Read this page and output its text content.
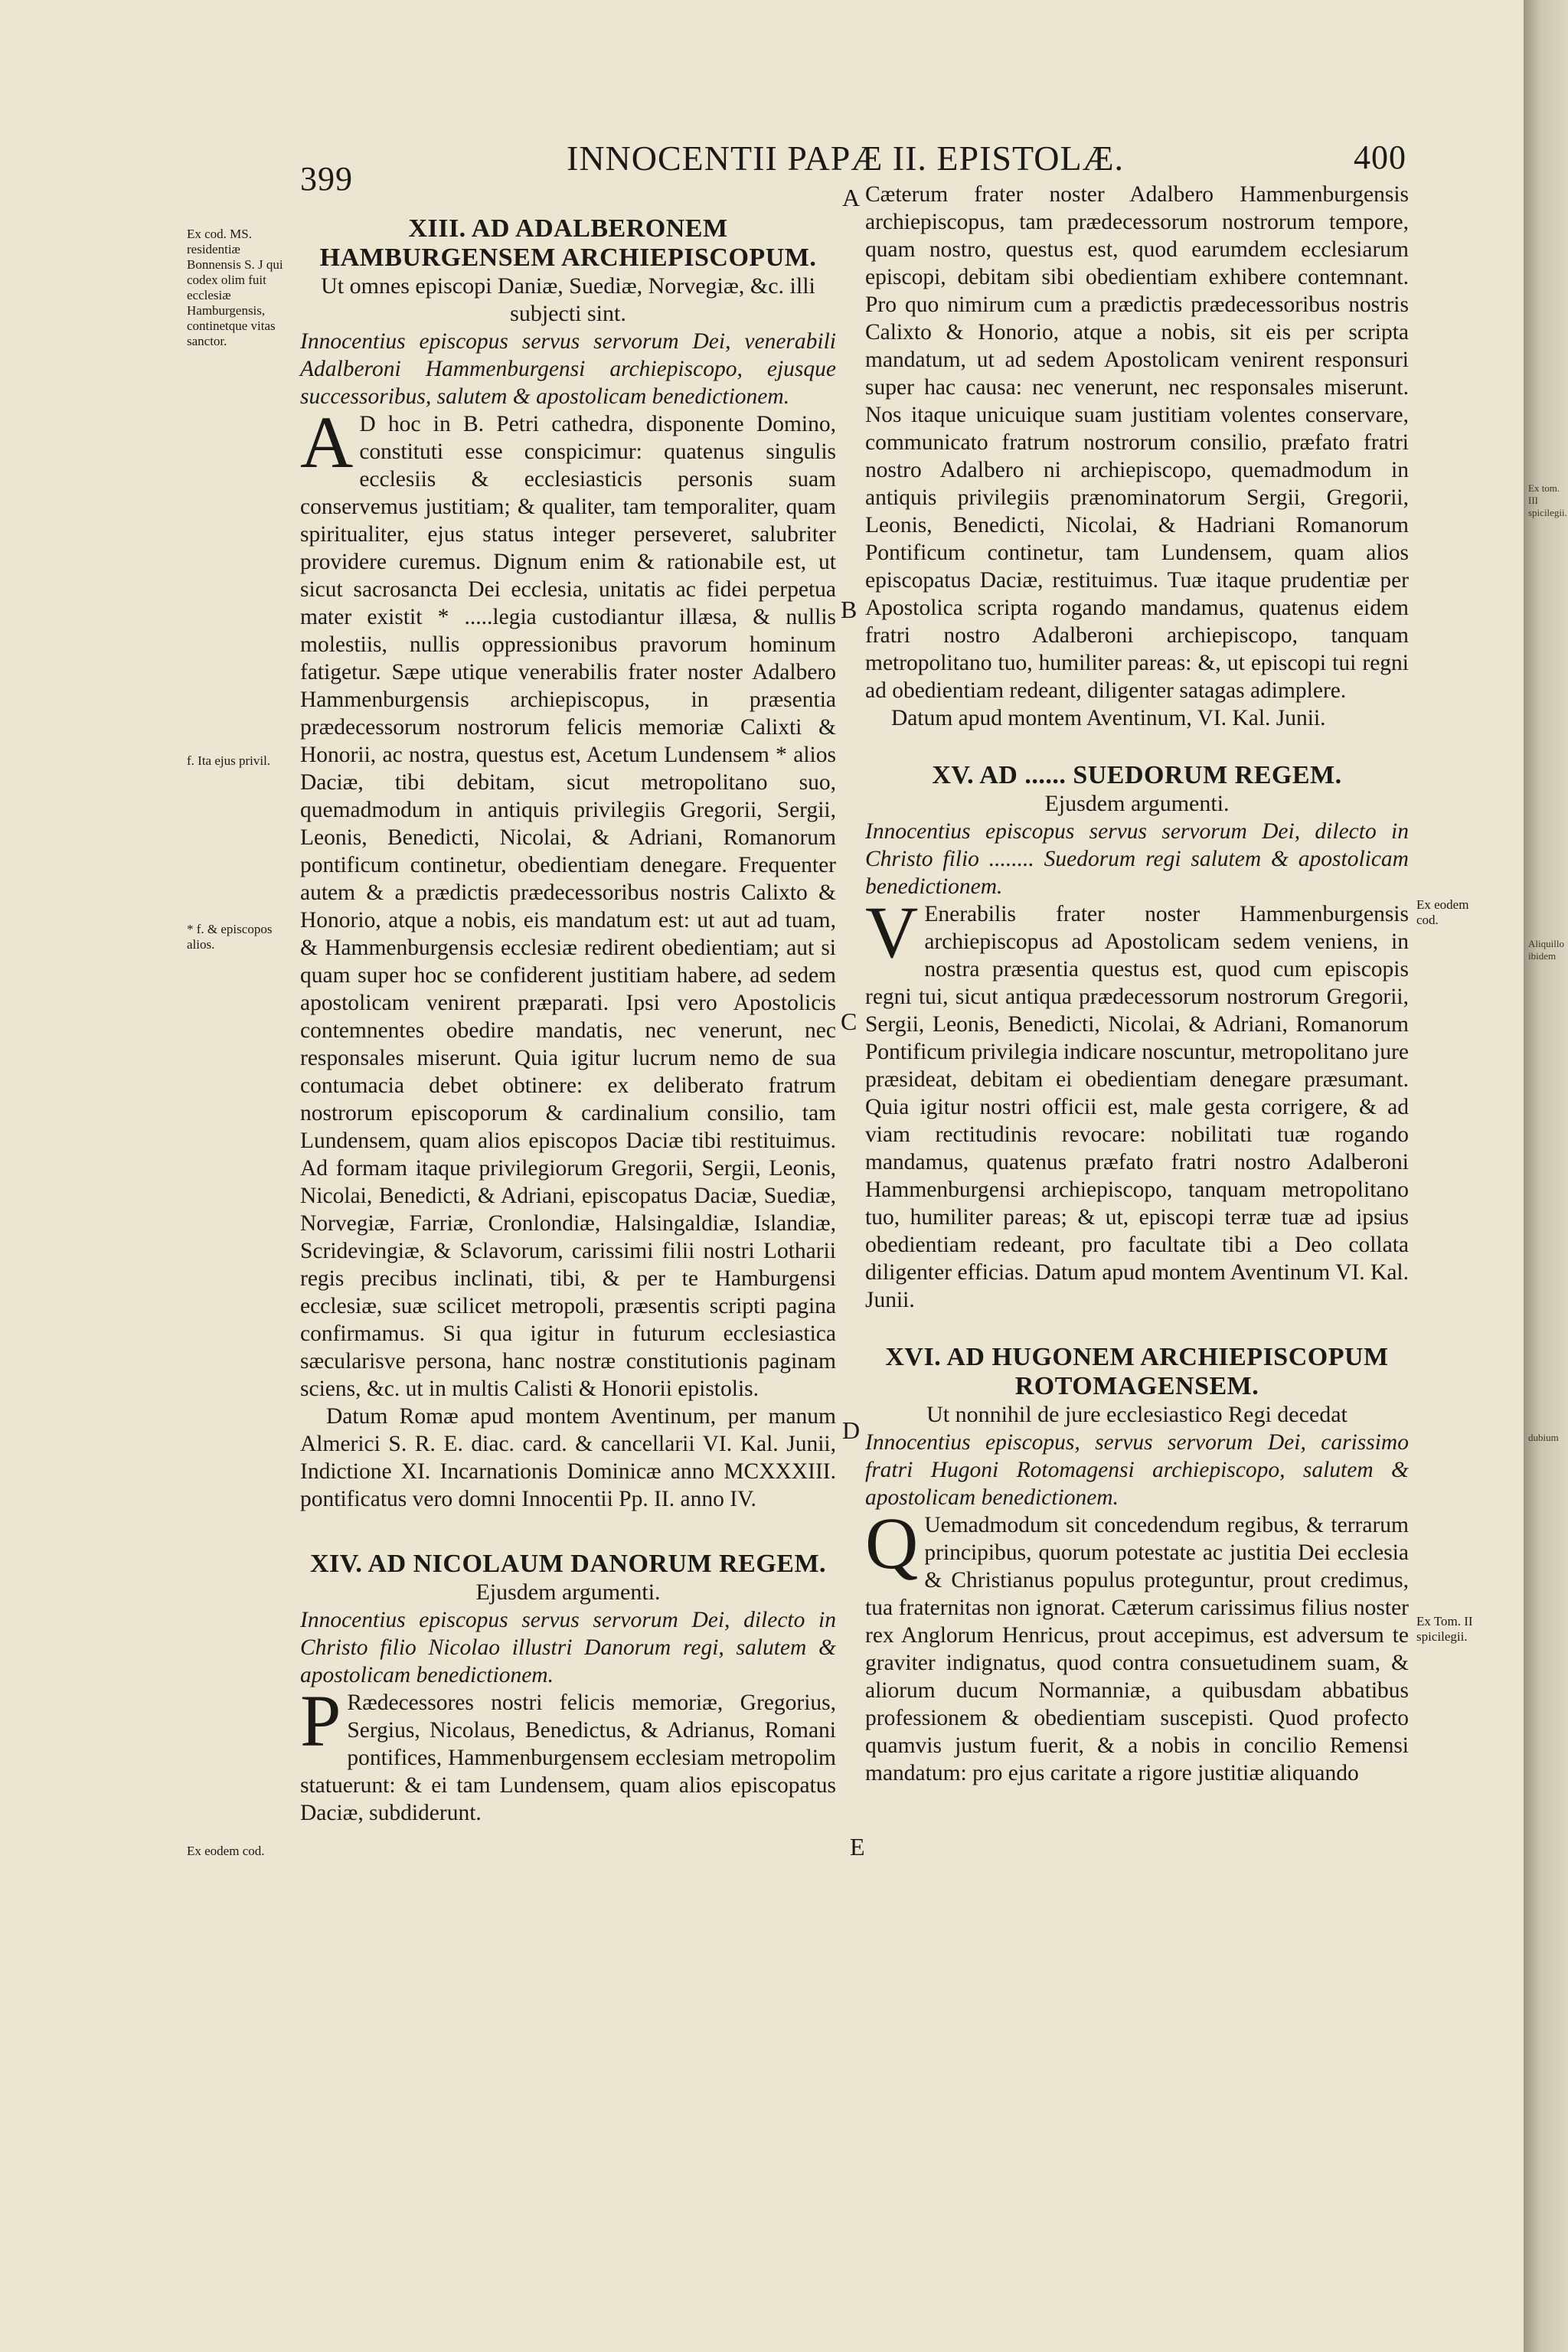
Ex tom. III spicilegii.
Aliquillo ibidem
dubium
399
INNOCENTII PAPÆ II. EPISTOLÆ.	400
Ex cod. MS. residentiæ Bonnensis S. J qui codex olim fuit ecclesiæ Hamburgensis, continetque vitas sanctor.
f. Ita ejus privil.
* f. & episcopos alios.
Ex eodem cod.
Ex eodem cod.
Ex Tom. II spicilegii.
A
B
C
D
E
XIII. AD ADALBERONEM HAMBURGENSEM ARCHIEPISCOPUM.

Ut omnes episcopi Daniæ, Suediæ, Norvegiæ, &c. illi subjecti sint.

Innocentius episcopus servus servorum Dei, venerabili Adalberoni Hammenburgensi archiepiscopo, ejusque successoribus, salutem & apostolicam benedictionem.

A D hoc in B. Petri cathedra, disponente Domino, constituti esse conspicimur: quatenus singulis ecclesiis & ecclesiasticis personis suam conservemus justitiam; & qualiter, tam temporaliter, quam spiritualiter, ejus status integer perseveret, salubriter providere curemus. Dignum enim & rationabile est, ut sicut sacrosancta Dei ecclesia, unitatis ac fidei perpetua mater existit * .....legia custodiantur illæsa, & nullis molestiis, nullis oppressionibus pravorum hominum fatigetur. Sæpe utique venerabilis frater noster Adalbero Hammenburgensis archiepiscopus, in præsentia prædecessorum nostrorum felicis memoriæ Calixti & Honorii, ac nostra, questus est, Acetum Lundensem * alios Daciæ, tibi debitam, sicut metropolitano suo, quemadmodum in antiquis privilegiis Gregorii, Sergii, Leonis, Benedicti, Nicolai, & Adriani, Romanorum pontificum continetur, obedientiam denegare. Frequenter autem & a prædictis prædecessoribus nostris Calixto & Honorio, atque a nobis, eis mandatum est: ut aut ad tuam, & Hammenburgensis ecclesiæ redirent obedientiam; aut si quam super hoc se confiderent justitiam habere, ad sedem apostolicam venirent præparati. Ipsi vero Apostolicis contemnentes obedire mandatis, nec venerunt, nec responsales miserunt. Quia igitur lucrum nemo de sua contumacia debet obtinere: ex deliberato fratrum nostrorum episcoporum & cardinalium consilio, tam Lundensem, quam alios episcopos Daciæ tibi restituimus. Ad formam itaque privilegiorum Gregorii, Sergii, Leonis, Nicolai, Benedicti, & Adriani, episcopatus Daciæ, Suediæ, Norvegiæ, Farriæ, Cronlondiæ, Halsingaldiæ, Islandiæ, Scridevingiæ, & Sclavorum, carissimi filii nostri Lotharii regis precibus inclinati, tibi, & per te Hamburgensi ecclesiæ, suæ scilicet metropoli, præsentis scripti pagina confirmamus. Si qua igitur in futurum ecclesiastica sæcularisve persona, hanc nostræ constitutionis paginam sciens, &c. ut in multis Calisti & Honorii epistolis.

Datum Romæ apud montem Aventinum, per manum Almerici S. R. E. diac. card. & cancellarii VI. Kal. Junii, Indictione XI. Incarnationis Dominicæ anno MCXXXIII. pontificatus vero domni Innocentii Pp. II. anno IV.

XIV. AD NICOLAUM DANORUM REGEM.

Ejusdem argumenti.

Innocentius episcopus servus servorum Dei, dilecto in Christo filio Nicolao illustri Danorum regi, salutem & apostolicam benedictionem.

P Rædecessores nostri felicis memoriæ, Gregorius, Sergius, Nicolaus, Benedictus, & Adrianus, Romani pontifices, Hammenburgensem ecclesiam metropolim statuerunt: & ei tam Lundensem, quam alios episcopatus Daciæ, subdiderunt.

Cæterum frater noster Adalbero Hammenburgensis archiepiscopus, tam prædecessorum nostrorum tempore, quam nostro, questus est, quod earumdem ecclesiarum episcopi, debitam sibi obedientiam exhibere contemnant. Pro quo nimirum cum a prædictis prædecessoribus nostris Calixto & Honorio, atque a nobis, sit eis per scripta mandatum, ut ad sedem Apostolicam venirent responsuri super hac causa: nec venerunt, nec responsales miserunt. Nos itaque unicuique suam justitiam volentes conservare, communicato fratrum nostrorum consilio, præfato fratri nostro Adalbero ni archiepiscopo, quemadmodum in antiquis privilegiis prænominatorum Sergii, Gregorii, Leonis, Benedicti, Nicolai, & Hadriani Romanorum Pontificum continetur, tam Lundensem, quam alios episcopatus Daciæ, restituimus. Tuæ itaque prudentiæ per Apostolica scripta rogando mandamus, quatenus eidem fratri nostro Adalberoni archiepiscopo, tanquam metropolitano tuo, humiliter pareas: &, ut episcopi tui regni ad obedientiam redeant, diligenter satagas adimplere.

Datum apud montem Aventinum, VI. Kal. Junii.

XV. AD ...... SUEDORUM REGEM.

Ejusdem argumenti.

Innocentius episcopus servus servorum Dei, dilecto in Christo filio ........ Suedorum regi salutem & apostolicam benedictionem.

V Enerabilis frater noster Hammenburgensis archiepiscopus ad Apostolicam sedem veniens, in nostra præsentia questus est, quod cum episcopis regni tui, sicut antiqua prædecessorum nostrorum Gregorii, Sergii, Leonis, Benedicti, Nicolai, & Adriani, Romanorum Pontificum privilegia indicare noscuntur, metropolitano jure præsideat, debitam ei obedientiam denegare præsumant. Quia igitur nostri officii est, male gesta corrigere, & ad viam rectitudinis revocare: nobilitati tuæ rogando mandamus, quatenus præfato fratri nostro Adalberoni Hammenburgensi archiepiscopo, tanquam metropolitano tuo, humiliter pareas; & ut, episcopi terræ tuæ ad ipsius obedientiam redeant, pro facultate tibi a Deo collata diligenter efficias. Datum apud montem Aventinum VI. Kal. Junii.

XVI. AD HUGONEM ARCHIEPISCOPUM ROTOMAGENSEM.

Ut nonnihil de jure ecclesiastico Regi decedat

Innocentius episcopus, servus servorum Dei, carissimo fratri Hugoni Rotomagensi archiepiscopo, salutem & apostolicam benedictionem.

Q Uemadmodum sit concedendum regibus, & terrarum principibus, quorum potestate ac justitia Dei ecclesia & Christianus populus proteguntur, prout credimus, tua fraternitas non ignorat. Cæterum carissimus filius noster rex Anglorum Henricus, prout accepimus, est adversum te graviter indignatus, quod contra consuetudinem suam, & aliorum ducum Normanniæ, a quibusdam abbatibus professionem & obedientiam suscepisti. Quod profecto quamvis justum fuerit, & a nobis in concilio Remensi mandatum: pro ejus caritate a rigore justitiæ aliquando
